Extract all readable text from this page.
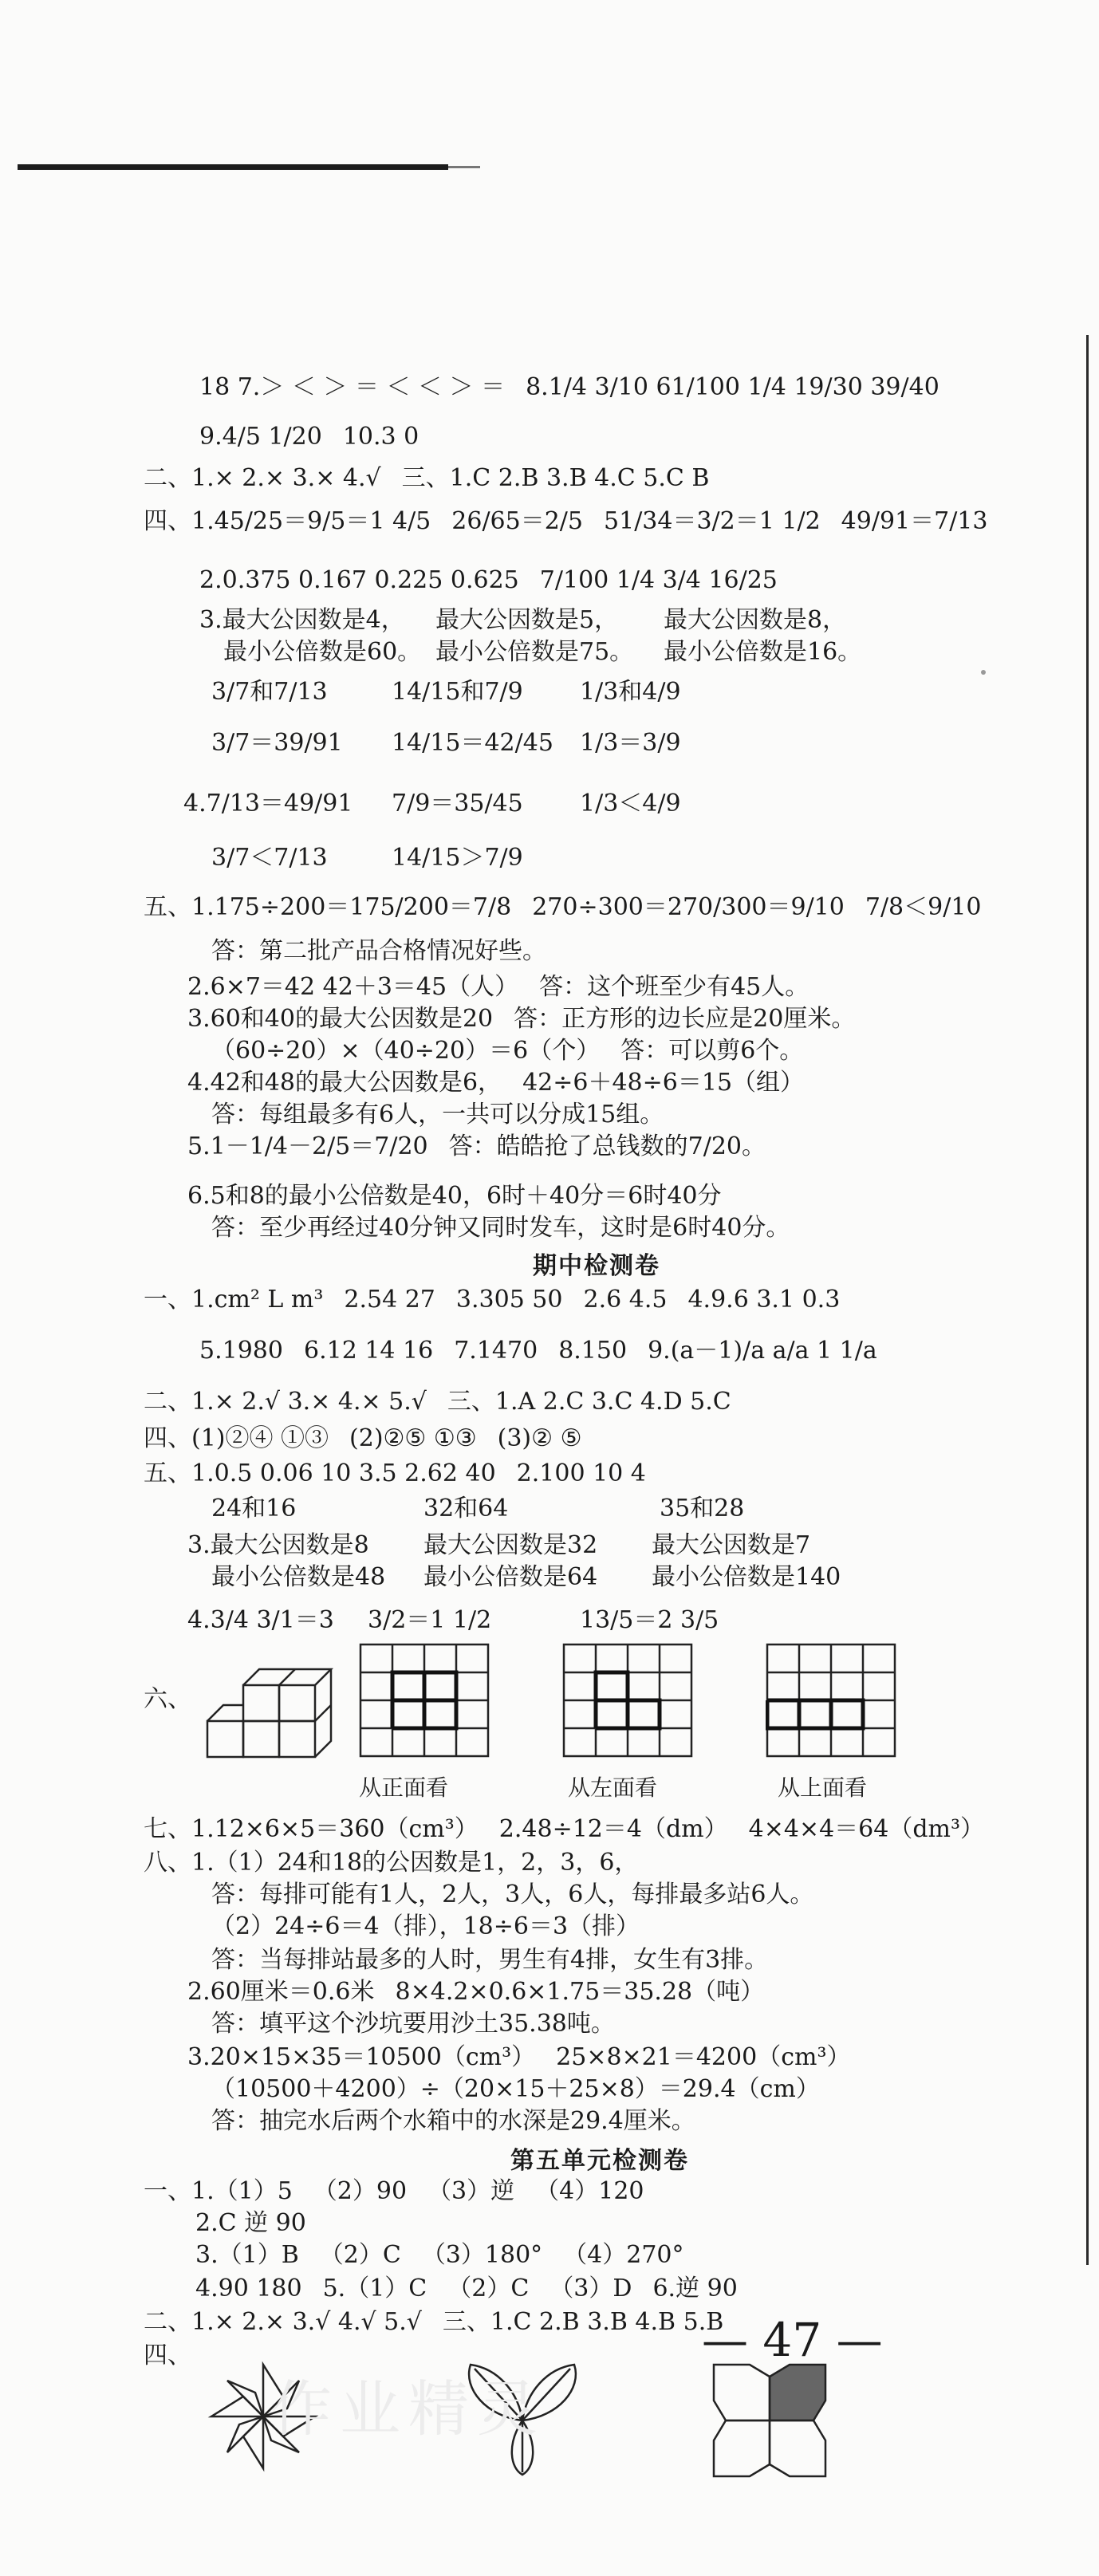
18 7.＞ ＜ ＞ ＝ ＜ ＜ ＞ ＝ 8.1/4 3/10 61/100 1/4 19/30 39/40
9.4/5 1/20 10.3 0
二、1.× 2.× 3.× 4.√ 三、1.C 2.B 3.B 4.C 5.C B
四、1.45/25＝9/5＝1 4/5 26/65＝2/5 51/34＝3/2＝1 1/2 49/91＝7/13
2.0.375 0.167 0.225 0.625 7/100 1/4 3/4 16/25
3.最大公因数是4， 最大公因数是5， 最大公因数是8，
最小公倍数是60。 最小公倍数是75。 最小公倍数是16。
3/7和7/13	14/15和7/9 1/3和4/9
3/7＝39/91 14/15＝42/45 1/3＝3/9
4.7/13＝49/91 7/9＝35/45 1/3＜4/9
3/7＜7/13	14/15＞7/9
五、1.175÷200＝175/200＝7/8 270÷300＝270/300＝9/10 7/8＜9/10
答：第二批产品合格情况好些。
2.6×7＝42 42＋3＝45（人） 答：这个班至少有45人。
3.60和40的最大公因数是20 答：正方形的边长应是20厘米。
（60÷20）×（40÷20）＝6（个） 答：可以剪6个。
4.42和48的最大公因数是6， 42÷6＋48÷6＝15（组）
答：每组最多有6人，一共可以分成15组。
5.1－1/4－2/5＝7/20 答：皓皓抢了总钱数的7/20。
6.5和8的最小公倍数是40，6时＋40分＝6时40分
答：至少再经过40分钟又同时发车，这时是6时40分。
期中检测卷
一、1.cm² L m³ 2.54 27 3.305 50 2.6 4.5 4.9.6 3.1 0.3
5.1980 6.12 14 16 7.1470 8.150 9.(a－1)/a a/a 1 1/a
二、1.× 2.√ 3.× 4.× 5.√ 三、1.A 2.C 3.C 4.D 5.C
四、(1)②④ ①③ (2)②⑤ ①③ (3)② ⑤
五、1.0.5 0.06 10 3.5 2.62 40 2.100 10 4
24和16	32和64	35和28
3.最大公因数是8 最大公因数是32 最大公因数是7
最小公倍数是48 最小公倍数是64 最小公倍数是140
4.3/4 3/1＝3 3/2＝1 1/2	13/5＝2 3/5
六、
从正面看	从左面看	从上面看
七、1.12×6×5＝360（cm³） 2.48÷12＝4（dm） 4×4×4＝64（dm³）
八、1.（1）24和18的公因数是1，2，3，6，
答：每排可能有1人，2人，3人，6人，每排最多站6人。
（2）24÷6＝4（排），18÷6＝3（排）
答：当每排站最多的人时，男生有4排，女生有3排。
2.60厘米＝0.6米 8×4.2×0.6×1.75＝35.28（吨）
答：填平这个沙坑要用沙土35.38吨。
3.20×15×35＝10500（cm³） 25×8×21＝4200（cm³）
（10500＋4200）÷（20×15＋25×8）＝29.4（cm）
答：抽完水后两个水箱中的水深是29.4厘米。
第五单元检测卷
一、1.（1）5 （2）90 （3）逆 （4）120
2.C 逆 90
3.（1）B （2）C （3）180° （4）270°
4.90 180 5.（1）C （2）C （3）D 6.逆 90
二、1.× 2.× 3.√ 4.√ 5.√ 三、1.C 2.B 3.B 4.B 5.B
四、	— 47 —
作业精灵
